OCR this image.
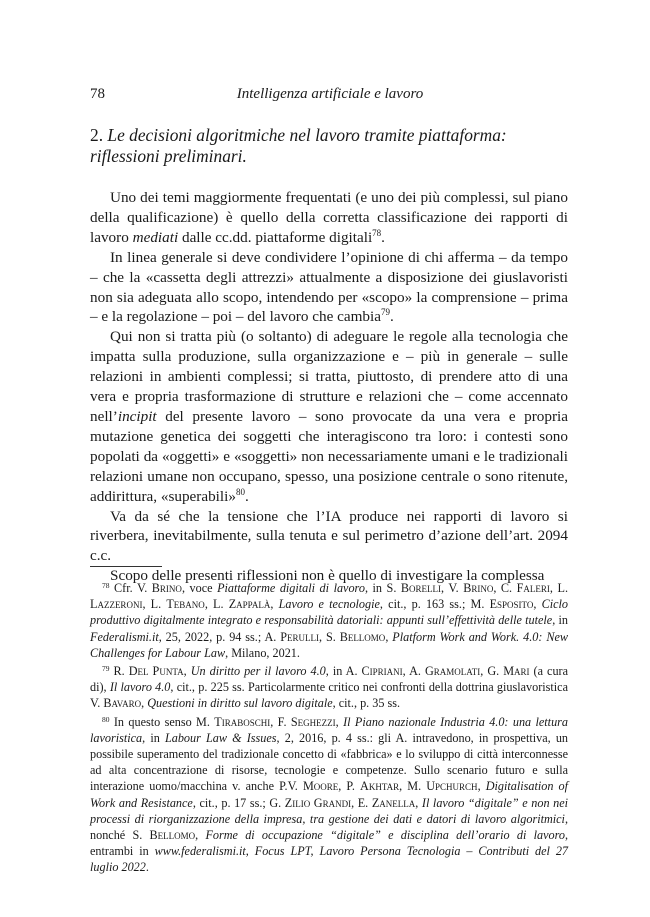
78	Intelligenza artificiale e lavoro
2. Le decisioni algoritmiche nel lavoro tramite piattaforma: riflessioni preliminari.

Uno dei temi maggiormente frequentati (e uno dei più complessi, sul piano della qualificazione) è quello della corretta classificazione dei rapporti di lavoro mediati dalle cc.dd. piattaforme digitali$^{78}$.

In linea generale si deve condividere l’opinione di chi afferma – da tempo – che la «cassetta degli attrezzi» attualmente a disposizione dei giuslavoristi non sia adeguata allo scopo, intendendo per «scopo» la comprensione – prima – e la regolazione – poi – del lavoro che cambia$^{79}$.

Qui non si tratta più (o soltanto) di adeguare le regole alla tecnologia che impatta sulla produzione, sulla organizzazione e – più in generale – sulle relazioni in ambienti complessi; si tratta, piuttosto, di prendere atto di una vera e propria trasformazione di strutture e relazioni che – come accennato nell’incipit del presente lavoro – sono provocate da una vera e propria mutazione genetica dei soggetti che interagiscono tra loro: i contesti sono popolati da «oggetti» e «soggetti» non necessariamente umani e le tradizionali relazioni umane non occupano, spesso, una posizione centrale o sono ritenute, addirittura, «superabili»$^{80}$.

Va da sé che la tensione che l’IA produce nei rapporti di lavoro si riverbera, inevitabilmente, sulla tenuta e sul perimetro d’azione dell’art. 2094 c.c.

Scopo delle presenti riflessioni non è quello di investigare la complessa

$^{78}$ Cfr. V. Brino, voce Piattaforme digitali di lavoro, in S. Borelli, V. Brino, C. Faleri, L. Lazzeroni, L. Tebano, L. Zappalà, Lavoro e tecnologie, cit., p. 163 ss.; M. Esposito, Ciclo produttivo digitalmente integrato e responsabilità datoriali: appunti sull’effettività delle tutele, in Federalismi.it, 25, 2022, p. 94 ss.; A. Perulli, S. Bellomo, Platform Work and Work. 4.0: New Challenges for Labour Law, Milano, 2021.

$^{79}$ R. Del Punta, Un diritto per il lavoro 4.0, in A. Cipriani, A. Gramolati, G. Mari (a cura di), Il lavoro 4.0, cit., p. 225 ss. Particolarmente critico nei confronti della dottrina giuslavoristica V. Bavaro, Questioni in diritto sul lavoro digitale, cit., p. 35 ss.

$^{80}$ In questo senso M. Tiraboschi, F. Seghezzi, Il Piano nazionale Industria 4.0: una lettura lavoristica, in Labour Law & Issues, 2, 2016, p. 4 ss.: gli A. intravedono, in prospettiva, un possibile superamento del tradizionale concetto di «fabbrica» e lo sviluppo di città interconnesse ad alta concentrazione di risorse, tecnologie e competenze. Sullo scenario futuro e sulla interazione uomo/macchina v. anche P.V. Moore, P. Akhtar, M. Upchurch, Digitalisation of Work and Resistance, cit., p. 17 ss.; G. Zilio Grandi, E. Zanella, Il lavoro “digitale” e non nei processi di riorganizzazione della impresa, tra gestione dei dati e datori di lavoro algoritmici, nonché S. Bellomo, Forme di occupazione “digitale” e disciplina dell’orario di lavoro, entrambi in www.federalismi.it, Focus LPT, Lavoro Persona Tecnologia – Contributi del 27 luglio 2022.
